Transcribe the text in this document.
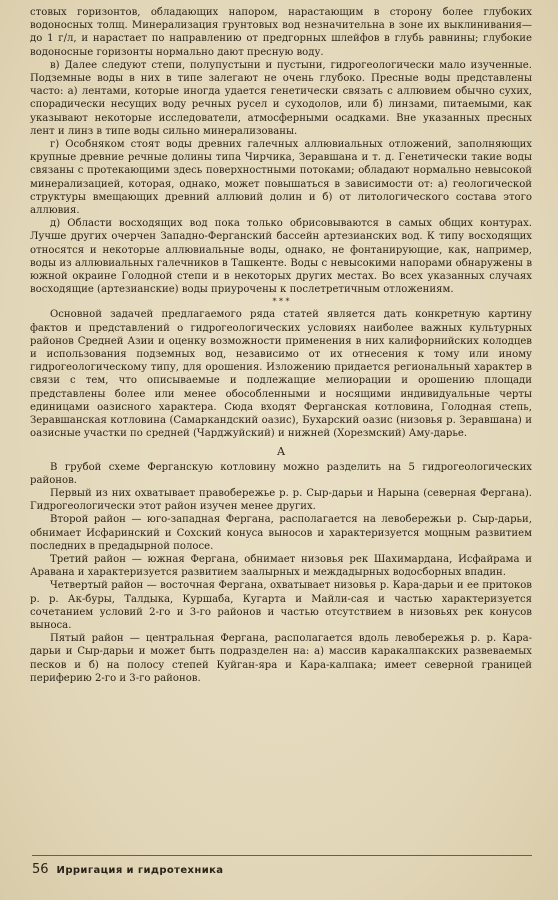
стовых горизонтов, обладающих напором, нарастающим в сторону более глубоких водоносных толщ. Минерализация грунтовых вод незначительна в зоне их выклинивания—до 1 г/л, и нарастает по направлению от предгорных шлейфов в глубь равнины; глубокие водоносные горизонты нормально дают пресную воду.

в) Далее следуют степи, полупустыни и пустыни, гидрогеологически мало изученные. Подземные воды в них в типе залегают не очень глубоко. Пресные воды представлены часто: а) лентами, которые иногда удается генетически связать с аллювием обычно сухих, спорадически несущих воду речных русел и суходолов, или б) линзами, питаемыми, как указывают некоторые исследователи, атмосферными осадками. Вне указанных пресных лент и линз в типе воды сильно минерализованы.

г) Особняком стоят воды древних галечных аллювиальных отложений, заполняющих крупные древние речные долины типа Чирчика, Зеравшана и т. д. Генетически такие воды связаны с протекающими здесь поверхностными потоками; обладают нормально невысокой минерализацией, которая, однако, может повышаться в зависимости от: а) геологической структуры вмещающих древний аллювий долин и б) от литологического состава этого аллювия.

д) Области восходящих вод пока только обрисовываются в самых общих контурах. Лучше других очерчен Западно-Ферганский бассейн артезианских вод. К типу восходящих относятся и некоторые аллювиальные воды, однако, не фонтанирующие, как, например, воды из аллювиальных галечников в Ташкенте. Воды с невысокими напорами обнаружены в южной окраине Голодной степи и в некоторых других местах. Во всех указанных случаях восходящие (артезианские) воды приурочены к послетретичным отложениям.

* * *

Основной задачей предлагаемого ряда статей является дать конкретную картину фактов и представлений о гидрогеологических условиях наиболее важных культурных районов Средней Азии и оценку возможности применения в них калифорнийских колодцев и использования подземных вод, независимо от их отнесения к тому или иному гидрогеологическому типу, для орошения. Изложению придается региональный характер в связи с тем, что описываемые и подлежащие мелиорации и орошению площади представлены более или менее обособленными и носящими индивидуальные черты единицами оазисного характера. Сюда входят Ферганская котловина, Голодная степь, Зеравшанская котловина (Самаркандский оазис), Бухарский оазис (низовья р. Зеравшана) и оазисные участки по средней (Чарджуйский) и нижней (Хорезмский) Аму-дарье.

А

В грубой схеме Ферганскую котловину можно разделить на 5 гидрогеологических районов.

Первый из них охватывает правобережье р. р. Сыр-дарьи и Нарына (северная Фергана). Гидрогеологически этот район изучен менее других.

Второй район — юго-западная Фергана, располагается на левобережьи р. Сыр-дарьи, обнимает Исфаринский и Сохский конуса выносов и характеризуется мощным развитием последних в предадырной полосе.

Третий район — южная Фергана, обнимает низовья рек Шахимардана, Исфайрама и Аравана и характеризуется развитием заалырных и междадырных водосборных впадин.

Четвертый район — восточная Фергана, охватывает низовья р. Кара-дарьи и ее притоков р. р. Ак-буры, Талдыка, Куршаба, Кугарта и Майли-сая и частью характеризуется сочетанием условий 2-го и 3-го районов и частью отсутствием в низовьях рек конусов выноса.

Пятый район — центральная Фергана, располагается вдоль левобережья р. р. Кара-дарьи и Сыр-дарьи и может быть подразделен на: а) массив каракалпакских развеваемых песков и б) на полосу степей Куйган-яра и Кара-калпака; имеет северной границей периферию 2-го и 3-го районов.

56 Ирригация и гидротехника
